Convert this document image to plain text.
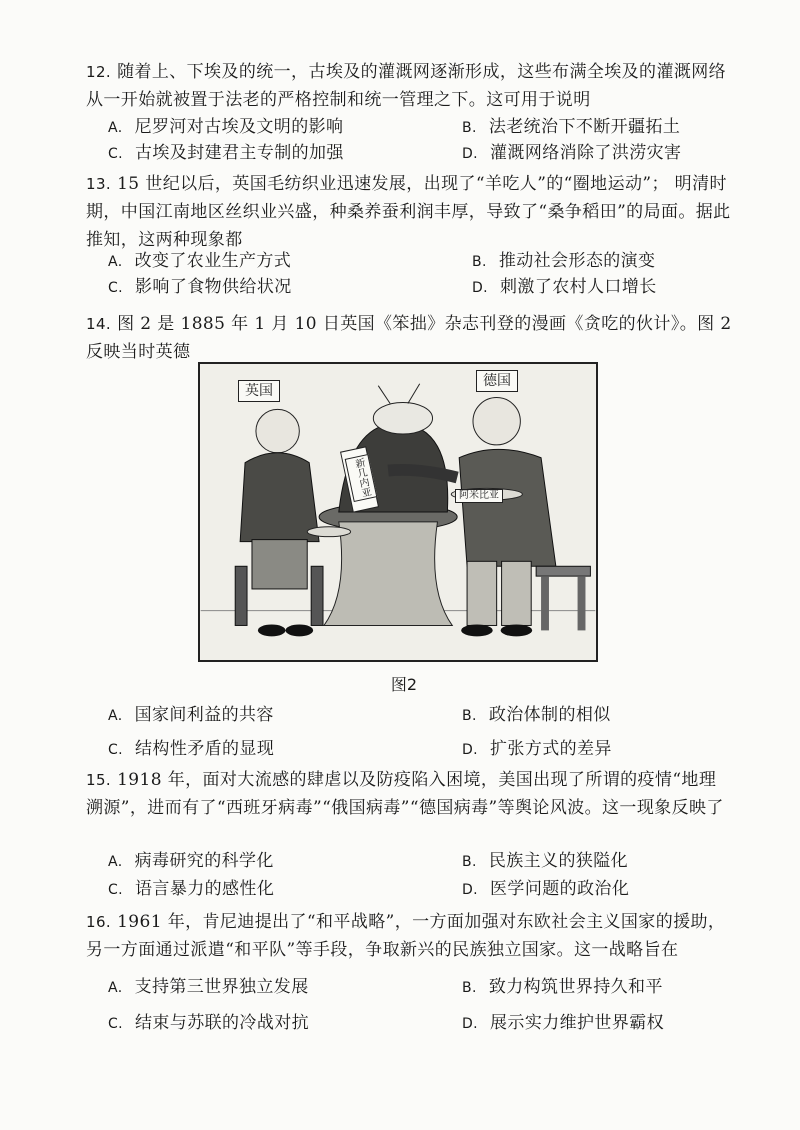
12. 随着上、下埃及的统一，古埃及的灌溉网逐渐形成，这些布满全埃及的灌溉网络从一开始就被置于法老的严格控制和统一管理之下。这可用于说明

A. 尼罗河对古埃及文明的影响	B. 法老统治下不断开疆拓土
C. 古埃及封建君主专制的加强	D. 灌溉网络消除了洪涝灾害

13. 15 世纪以后，英国毛纺织业迅速发展，出现了“羊吃人”的“圈地运动”； 明清时期，中国江南地区丝织业兴盛，种桑养蚕利润丰厚，导致了“桑争稻田”的局面。据此推知，这两种现象都

A. 改变了农业生产方式	B. 推动社会形态的演变
C. 影响了食物供给状况	D. 刺激了农村人口增长

14. 图 2 是 1885 年 1 月 10 日英国《笨拙》杂志刊登的漫画《贪吃的伙计》。图 2 反映当时英德

英国
德国
新几内亚	阿米比亚
图2
A. 国家间利益的共容	B. 政治体制的相似
C. 结构性矛盾的显现	D. 扩张方式的差异

15. 1918 年，面对大流感的肆虐以及防疫陷入困境，美国出现了所谓的疫情“地理溯源”，进而有了“西班牙病毒”“俄国病毒”“德国病毒”等舆论风波。这一现象反映了

A. 病毒研究的科学化	B. 民族主义的狭隘化
C. 语言暴力的感性化	D. 医学问题的政治化

16. 1961 年，肯尼迪提出了“和平战略”，一方面加强对东欧社会主义国家的援助，另一方面通过派遣“和平队”等手段，争取新兴的民族独立国家。这一战略旨在

A. 支持第三世界独立发展	B. 致力构筑世界持久和平
C. 结束与苏联的冷战对抗	D. 展示实力维护世界霸权
